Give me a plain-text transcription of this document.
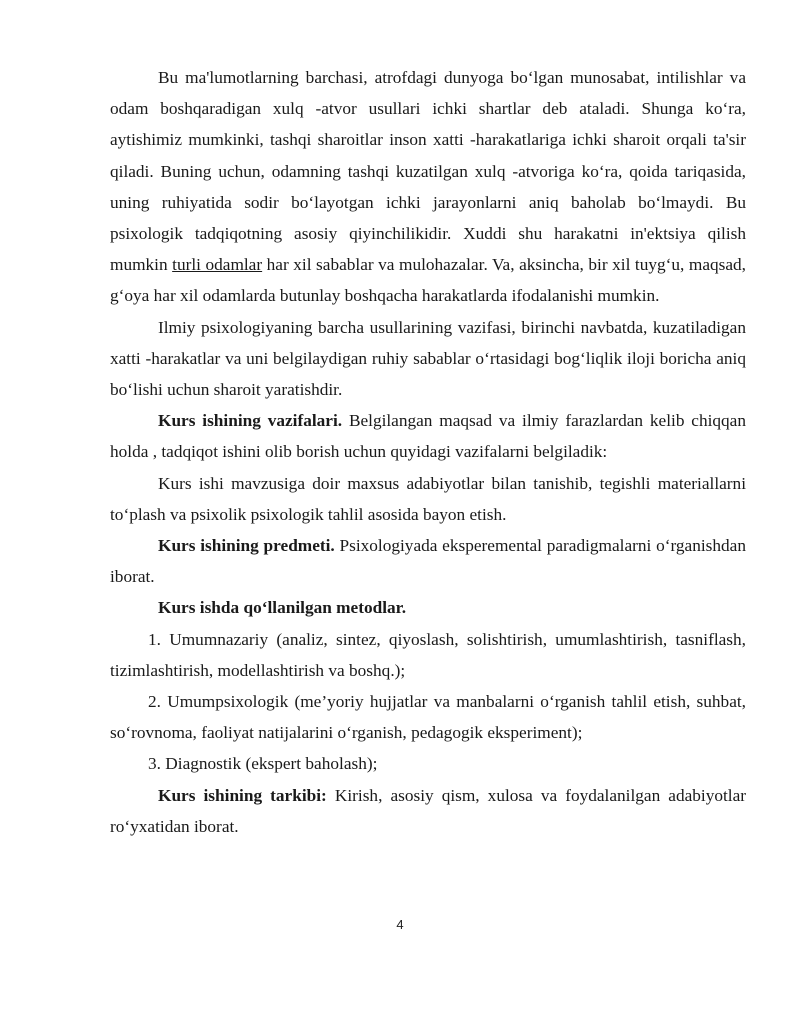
Bu ma'lumotlarning barchasi, atrofdagi dunyoga bo‘lgan munosabat, intilishlar va odam boshqaradigan xulq -atvor usullari ichki shartlar deb ataladi. Shunga ko‘ra, aytishimiz mumkinki, tashqi sharoitlar inson xatti -harakatlariga ichki sharoit orqali ta'sir qiladi. Buning uchun, odamning tashqi kuzatilgan xulq -atvoriga ko‘ra, qoida tariqasida, uning ruhiyatida sodir bo‘layotgan ichki jarayonlarni aniq baholab bo‘lmaydi. Bu psixologik tadqiqotning asosiy qiyinchilikidir. Xuddi shu harakatni in'ektsiya qilish mumkin turli odamlar har xil sabablar va mulohazalar. Va, aksincha, bir xil tuyg‘u, maqsad, g‘oya har xil odamlarda butunlay boshqacha harakatlarda ifodalanishi mumkin.

Ilmiy psixologiyaning barcha usullarining vazifasi, birinchi navbatda, kuzatiladigan xatti -harakatlar va uni belgilaydigan ruhiy sabablar o‘rtasidagi bog‘liqlik iloji boricha aniq bo‘lishi uchun sharoit yaratishdir.

Kurs ishining vazifalari. Belgilangan maqsad va ilmiy farazlardan kelib chiqqan holda , tadqiqot ishini olib borish uchun quyidagi vazifalarni belgiladik:

Kurs ishi mavzusiga doir maxsus adabiyotlar bilan tanishib, tegishli materiallarni to‘plash va psixolik psixologik tahlil asosida bayon etish.

Kurs ishining predmeti. Psixologiyada eksperemental paradigmalarni o‘rganishdan iborat.

Kurs ishda qo‘llanilgan metodlar.

1. Umumnazariy (analiz, sintez, qiyoslash, solishtirish, umumlashtirish, tasniflash, tizimlashtirish, modellashtirish va boshq.);

2. Umumpsixologik (me’yoriy hujjatlar va manbalarni o‘rganish tahlil etish, suhbat, so‘rovnoma, faoliyat natijalarini o‘rganish, pedagogik eksperiment);

3. Diagnostik (ekspert baholash);

Kurs ishining tarkibi: Kirish, asosiy qism, xulosa va foydalanilgan adabiyotlar ro‘yxatidan iborat.

4
